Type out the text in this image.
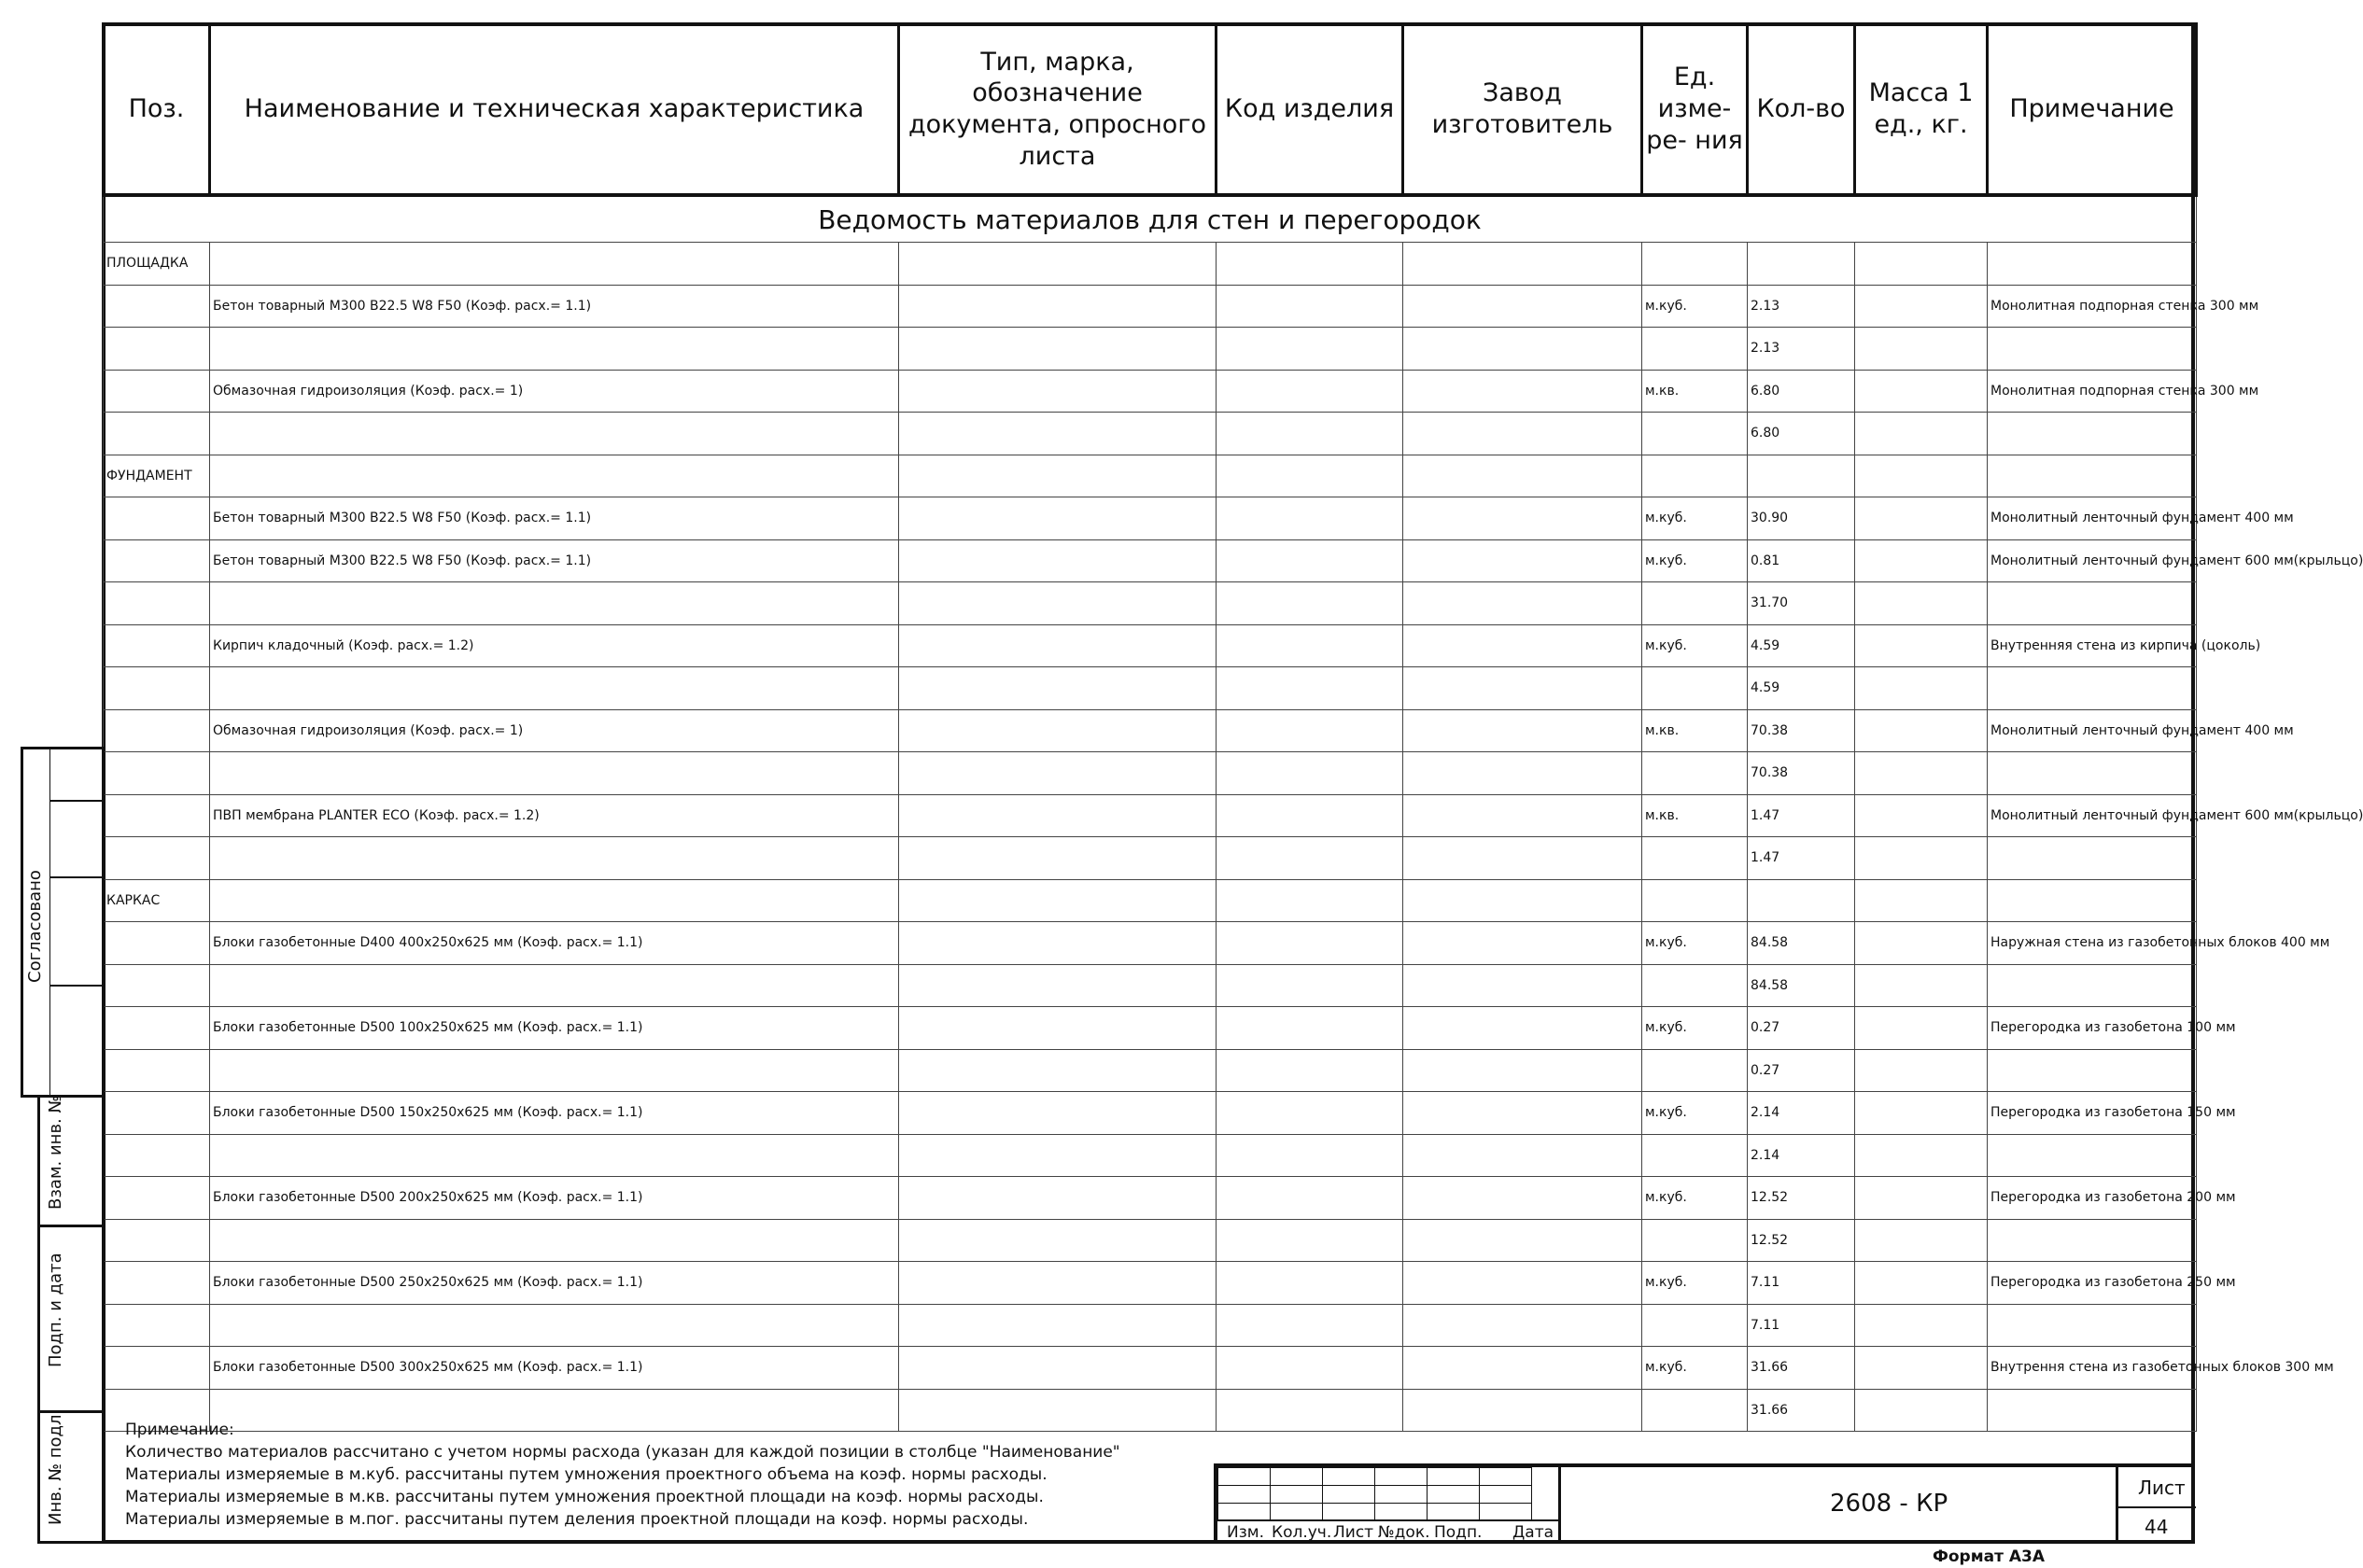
Поз.	Наименование и техническая характеристика	Тип, марка, обозначение документа, опросного листа	Код изделия	Завод изготовитель	Ед. изме- ре- ния	Кол-во	Масса 1 ед., кг.	Примечание
Ведомость материалов для стен и перегородок								
ПЛОЩАДКА								
	Бетон товарный М300 В22.5 W8 F50 (Коэф. расх.= 1.1)				м.куб.	2.13		Монолитная подпорная стенка 300 мм
						2.13		
	Обмазочная гидроизоляция (Коэф. расх.= 1)				м.кв.	6.80		Монолитная подпорная стенка 300 мм
						6.80		
ФУНДАМЕНТ								
	Бетон товарный М300 В22.5 W8 F50 (Коэф. расх.= 1.1)				м.куб.	30.90		Монолитный ленточный фундамент 400 мм
	Бетон товарный М300 В22.5 W8 F50 (Коэф. расх.= 1.1)				м.куб.	0.81		Монолитный ленточный фундамент 600 мм(крыльцо)
						31.70		
	Кирпич кладочный (Коэф. расх.= 1.2)				м.куб.	4.59		Внутренняя стена из кирпича (цоколь)
						4.59		
	Обмазочная гидроизоляция (Коэф. расх.= 1)				м.кв.	70.38		Монолитный ленточный фундамент 400 мм
						70.38		
	ПВП мембрана PLANTER ECO (Коэф. расх.= 1.2)				м.кв.	1.47		Монолитный ленточный фундамент 600 мм(крыльцо)
						1.47		
КАРКАС								
	Блоки газобетонные D400 400x250x625 мм (Коэф. расх.= 1.1)				м.куб.	84.58		Наружная стена из газобетонных блоков 400 мм
						84.58		
	Блоки газобетонные D500 100x250x625 мм (Коэф. расх.= 1.1)				м.куб.	0.27		Перегородка из газобетона 100 мм
						0.27		
	Блоки газобетонные D500 150x250x625 мм (Коэф. расх.= 1.1)				м.куб.	2.14		Перегородка из газобетона 150 мм
						2.14		
	Блоки газобетонные D500 200x250x625 мм (Коэф. расх.= 1.1)				м.куб.	12.52		Перегородка из газобетона 200 мм
						12.52		
	Блоки газобетонные D500 250x250x625 мм (Коэф. расх.= 1.1)				м.куб.	7.11		Перегородка из газобетона 250 мм
						7.11		
	Блоки газобетонные D500 300x250x625 мм (Коэф. расх.= 1.1)				м.куб.	31.66		Внутрення стена из газобетонных блоков 300 мм
						31.66		
Примечание:
Количество материалов рассчитано с учетом нормы расхода (указан для каждой позиции в столбце "Наименование"
Материалы измеряемые в м.куб. рассчитаны путем умножения проектного объема на коэф. нормы расходы.
Материалы измеряемые в м.кв. рассчитаны путем умножения проектной площади на коэф. нормы расходы.
Материалы измеряемые в м.пог. рассчитаны путем деления проектной площади на коэф. нормы расходы.
Согласовано
Взам. инв. №
Подп. и дата
Инв. № подл.

Изм. Кол.уч. Лист №док. Подп. Дата
Лист
44
2608 - КР
Формат А3А
